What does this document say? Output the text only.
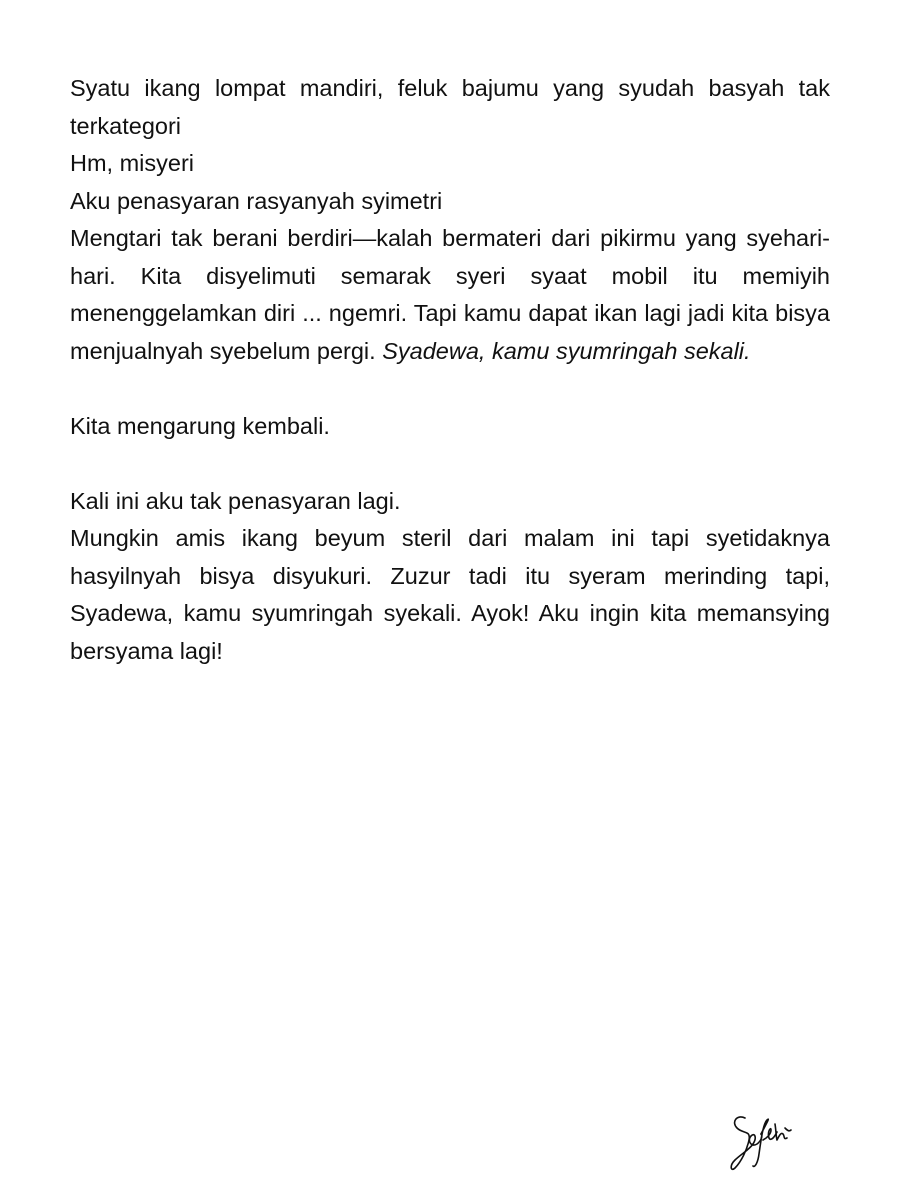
Syatu ikang lompat mandiri, feluk bajumu yang syudah basyah tak terkategori
Hm, misyeri
Aku penasyaran rasyanyah syimetri
Mengtari tak berani berdiri—kalah bermateri dari pikirmu yang syehari-hari. Kita disyelimuti semarak syeri syaat mobil itu memiyih menenggelamkan diri ... ngemri. Tapi kamu dapat ikan lagi jadi kita bisya menjualnyah syebelum pergi. Syadewa, kamu syumringah sekali.
Kita mengarung kembali.
Kali ini aku tak penasyaran lagi.
Mungkin amis ikang beyum steril dari malam ini tapi syetidaknya hasyilnyah bisya disyukuri. Zuzur tadi itu syeram merinding tapi, Syadewa, kamu syumringah syekali. Ayok! Aku ingin kita memansying bersyama lagi!
